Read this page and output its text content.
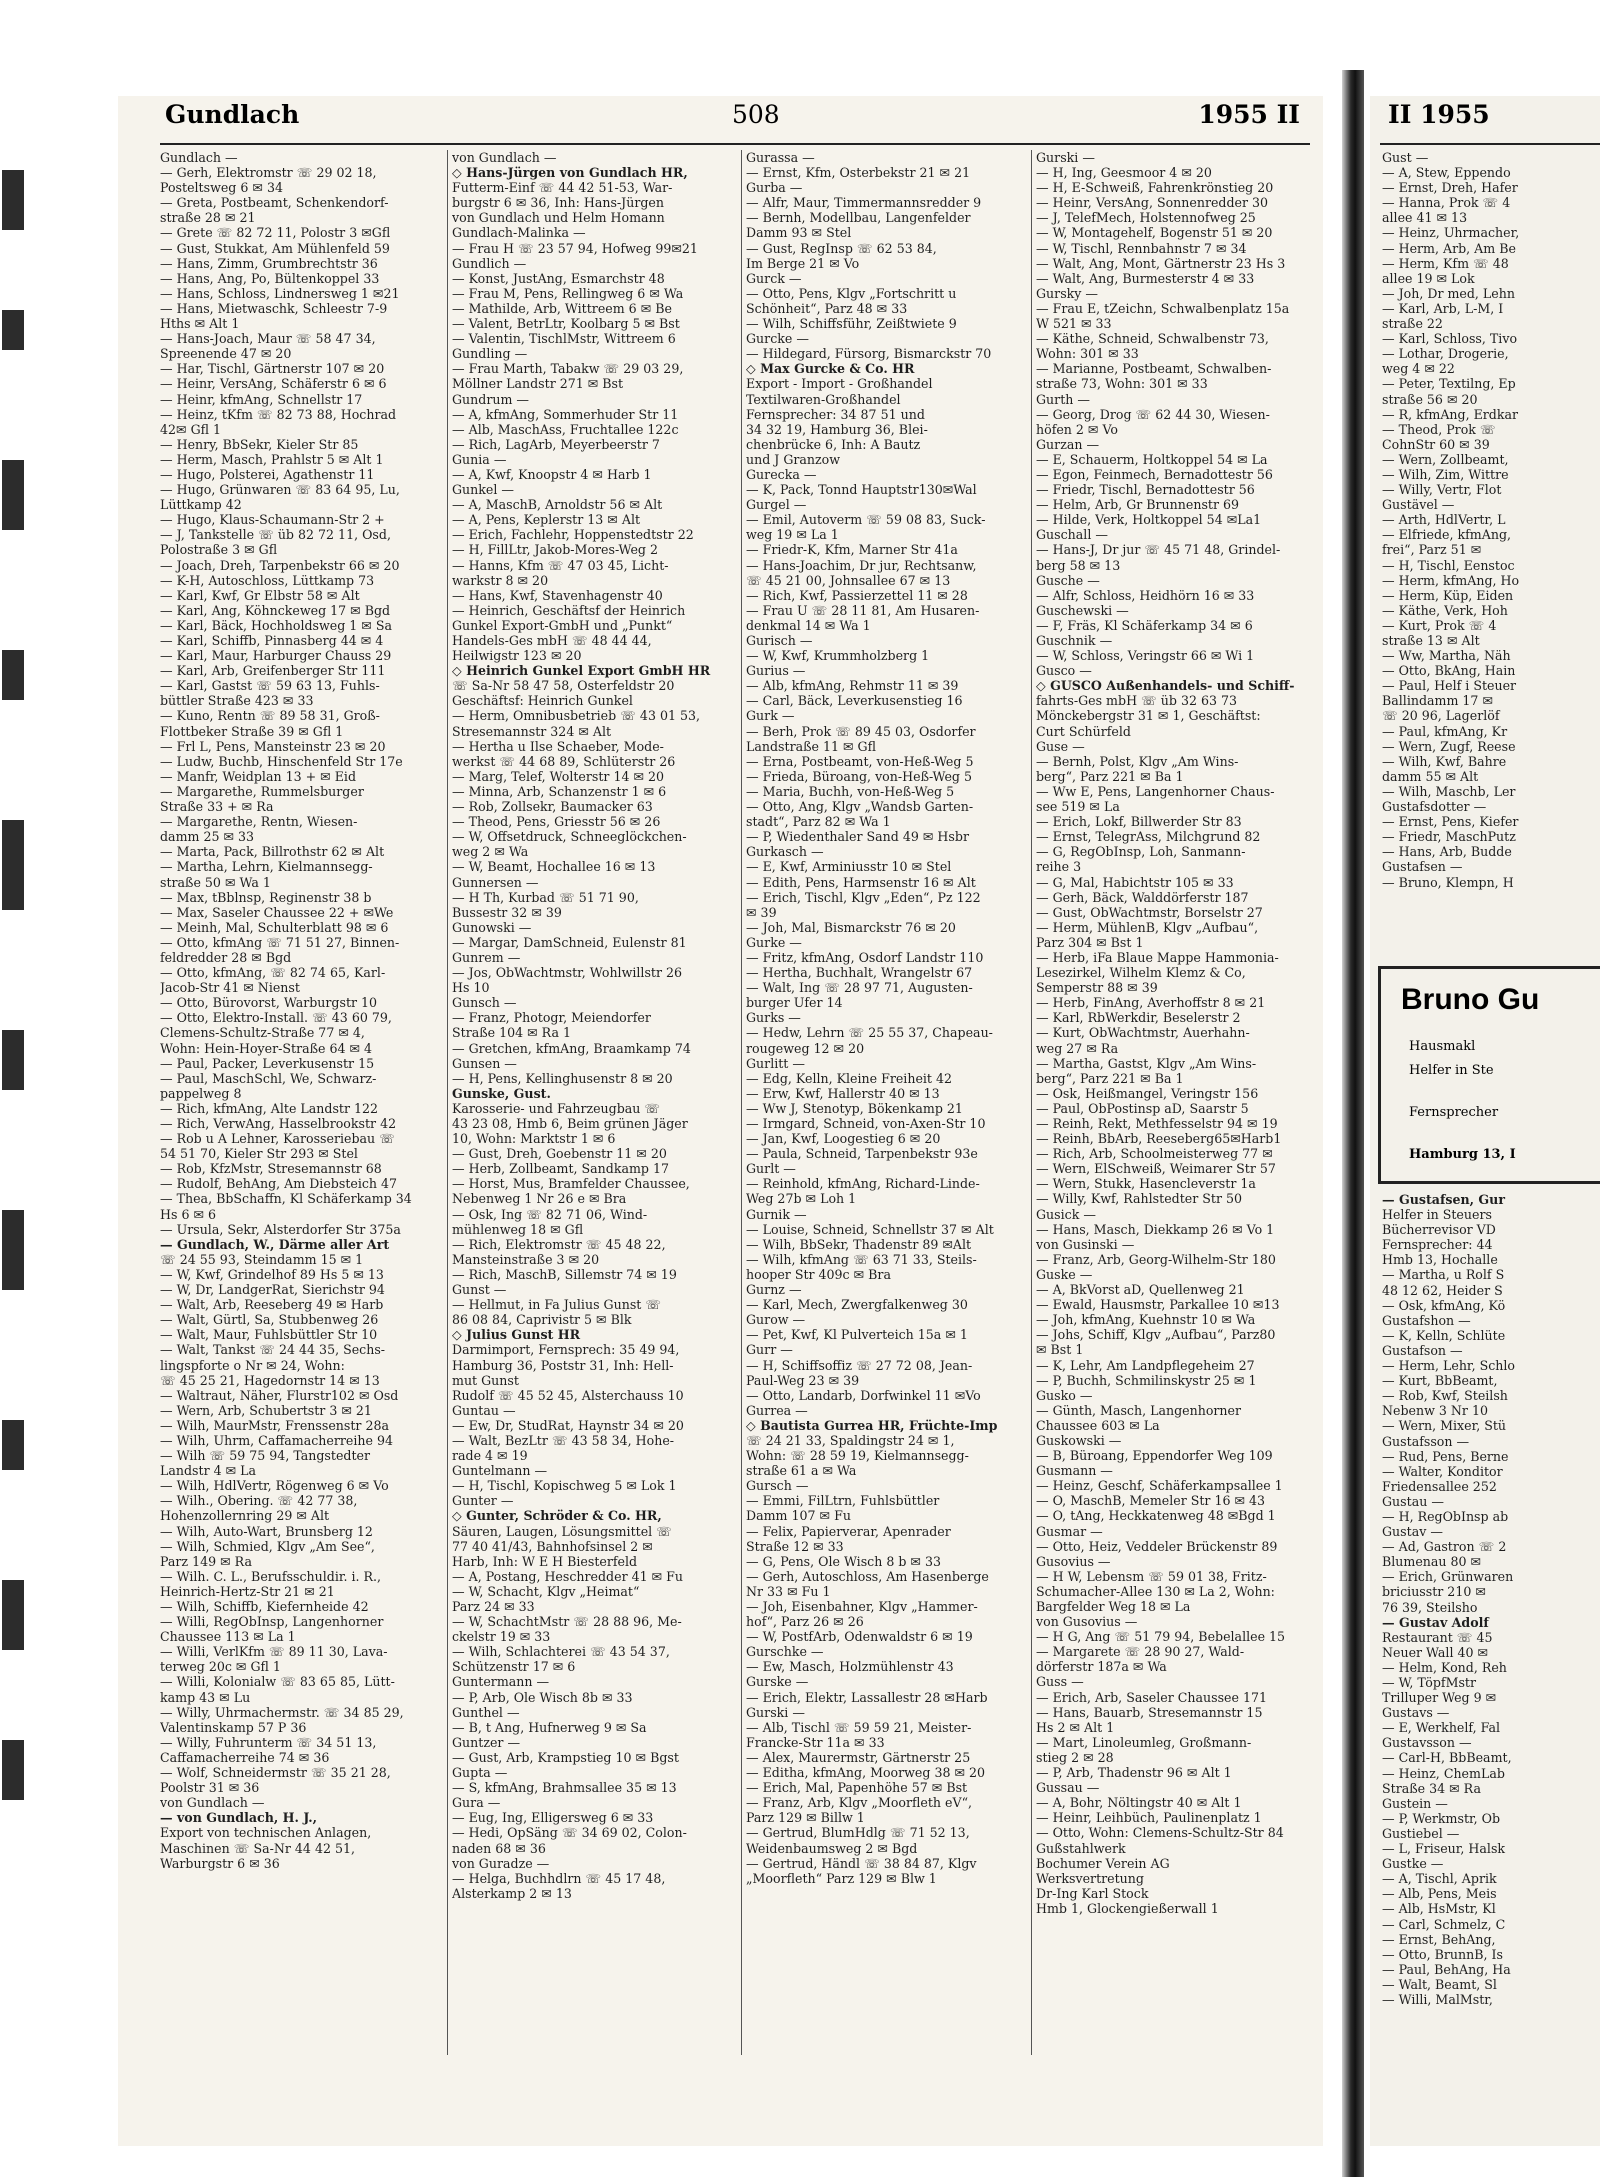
Gundlach	508	1955 II
Gundlach —
— Gerh, Elektromstr ☏ 29 02 18,
Posteltsweg 6 ✉ 34
— Greta, Postbeamt, Schenkendorf-
straße 28 ✉ 21
— Grete ☏ 82 72 11, Polostr 3 ✉Gfl
— Gust, Stukkat, Am Mühlenfeld 59
— Hans, Zimm, Grumbrechtstr 36
— Hans, Ang, Po, Bültenkoppel 33
— Hans, Schloss, Lindnersweg 1 ✉21
— Hans, Mietwaschk, Schleestr 7-9
Hths ✉ Alt 1
— Hans-Joach, Maur ☏ 58 47 34,
Spreenende 47 ✉ 20
— Har, Tischl, Gärtnerstr 107 ✉ 20
— Heinr, VersAng, Schäferstr 6 ✉ 6
— Heinr, kfmAng, Schnellstr 17
— Heinz, tKfm ☏ 82 73 88, Hochrad
42✉ Gfl 1
— Henry, BbSekr, Kieler Str 85
— Herm, Masch, Prahlstr 5 ✉ Alt 1
— Hugo, Polsterei, Agathenstr 11
— Hugo, Grünwaren ☏ 83 64 95, Lu,
Lüttkamp 42
— Hugo, Klaus-Schaumann-Str 2 +
— J, Tankstelle ☏ üb 82 72 11, Osd,
Polostraße 3 ✉ Gfl
— Joach, Dreh, Tarpenbekstr 66 ✉ 20
— K-H, Autoschloss, Lüttkamp 73
— Karl, Kwf, Gr Elbstr 58 ✉ Alt
— Karl, Ang, Köhnckeweg 17 ✉ Bgd
— Karl, Bäck, Hochholdsweg 1 ✉ Sa
— Karl, Schiffb, Pinnasberg 44 ✉ 4
— Karl, Maur, Harburger Chauss 29
— Karl, Arb, Greifenberger Str 111
— Karl, Gastst ☏ 59 63 13, Fuhls-
büttler Straße 423 ✉ 33
— Kuno, Rentn ☏ 89 58 31, Groß-
Flottbeker Straße 39 ✉ Gfl 1
— Frl L, Pens, Mansteinstr 23 ✉ 20
— Ludw, Buchb, Hinschenfeld Str 17e
— Manfr, Weidplan 13 + ✉ Eid
— Margarethe, Rummelsburger
Straße 33 + ✉ Ra
— Margarethe, Rentn, Wiesen-
damm 25 ✉ 33
— Marta, Pack, Billrothstr 62 ✉ Alt
— Martha, Lehrn, Kielmannsegg-
straße 50 ✉ Wa 1
— Max, tBblnsp, Reginenstr 38 b
— Max, Saseler Chaussee 22 + ✉We
— Meinh, Mal, Schulterblatt 98 ✉ 6
— Otto, kfmAng ☏ 71 51 27, Binnen-
feldredder 28 ✉ Bgd
— Otto, kfmAng, ☏ 82 74 65, Karl-
Jacob-Str 41 ✉ Nienst
— Otto, Bürovorst, Warburgstr 10
— Otto, Elektro-Install. ☏ 43 60 79,
Clemens-Schultz-Straße 77 ✉ 4,
Wohn: Hein-Hoyer-Straße 64 ✉ 4
— Paul, Packer, Leverkusenstr 15
— Paul, MaschSchl, We, Schwarz-
pappelweg 8
— Rich, kfmAng, Alte Landstr 122
— Rich, VerwAng, Hasselbrookstr 42
— Rob u A Lehner, Karosseriebau ☏
54 51 70, Kieler Str 293 ✉ Stel
— Rob, KfzMstr, Stresemannstr 68
— Rudolf, BehAng, Am Diebsteich 47
— Thea, BbSchaffn, Kl Schäferkamp 34
Hs 6 ✉ 6
— Ursula, Sekr, Alsterdorfer Str 375a
— Gundlach, W., Därme aller Art
☏ 24 55 93, Steindamm 15 ✉ 1
— W, Kwf, Grindelhof 89 Hs 5 ✉ 13
— W, Dr, LandgerRat, Sierichstr 94
— Walt, Arb, Reeseberg 49 ✉ Harb
— Walt, Gürtl, Sa, Stubbenweg 26
— Walt, Maur, Fuhlsbüttler Str 10
— Walt, Tankst ☏ 24 44 35, Sechs-
lingspforte o Nr ✉ 24, Wohn:
☏ 45 25 21, Hagedornstr 14 ✉ 13
— Waltraut, Näher, Flurstr102 ✉ Osd
— Wern, Arb, Schubertstr 3 ✉ 21
— Wilh, MaurMstr, Frenssenstr 28a
— Wilh, Uhrm, Caffamacherreihe 94
— Wilh ☏ 59 75 94, Tangstedter
Landstr 4 ✉ La
— Wilh, HdlVertr, Rögenweg 6 ✉ Vo
— Wilh., Obering. ☏ 42 77 38,
Hohenzollernring 29 ✉ Alt
— Wilh, Auto-Wart, Brunsberg 12
— Wilh, Schmied, Klgv „Am See“,
Parz 149 ✉ Ra
— Wilh. C. L., Berufsschuldir. i. R.,
Heinrich-Hertz-Str 21 ✉ 21
— Wilh, Schiffb, Kiefernheide 42
— Willi, RegObInsp, Langenhorner
Chaussee 113 ✉ La 1
— Willi, VerlKfm ☏ 89 11 30, Lava-
terweg 20c ✉ Gfl 1
— Willi, Kolonialw ☏ 83 65 85, Lütt-
kamp 43 ✉ Lu
— Willy, Uhrmachermstr. ☏ 34 85 29,
Valentinskamp 57 P 36
— Willy, Fuhrunterm ☏ 34 51 13,
Caffamacherreihe 74 ✉ 36
— Wolf, Schneidermstr ☏ 35 21 28,
Poolstr 31 ✉ 36
von Gundlach —
— von Gundlach, H. J.,
Export von technischen Anlagen,
Maschinen ☏ Sa-Nr 44 42 51,
Warburgstr 6 ✉ 36
von Gundlach —
◇ Hans-Jürgen von Gundlach HR,
Futterm-Einf ☏ 44 42 51-53, War-
burgstr 6 ✉ 36, Inh: Hans-Jürgen
von Gundlach und Helm Homann
Gundlach-Malinka —
— Frau H ☏ 23 57 94, Hofweg 99✉21
Gundlich —
— Konst, JustAng, Esmarchstr 48
— Frau M, Pens, Rellingweg 6 ✉ Wa
— Mathilde, Arb, Wittreem 6 ✉ Be
— Valent, BetrLtr, Koolbarg 5 ✉ Bst
— Valentin, TischlMstr, Wittreem 6
Gundling —
— Frau Marth, Tabakw ☏ 29 03 29,
Möllner Landstr 271 ✉ Bst
Gundrum —
— A, kfmAng, Sommerhuder Str 11
— Alb, MaschAss, Fruchtallee 122c
— Rich, LagArb, Meyerbeerstr 7
Gunia —
— A, Kwf, Knoopstr 4 ✉ Harb 1
Gunkel —
— A, MaschB, Arnoldstr 56 ✉ Alt
— A, Pens, Keplerstr 13 ✉ Alt
— Erich, Fachlehr, Hoppenstedtstr 22
— H, FillLtr, Jakob-Mores-Weg 2
— Hanns, Kfm ☏ 47 03 45, Licht-
warkstr 8 ✉ 20
— Hans, Kwf, Stavenhagenstr 40
— Heinrich, Geschäftsf der Heinrich
Gunkel Export-GmbH und „Punkt“
Handels-Ges mbH ☏ 48 44 44,
Heilwigstr 123 ✉ 20
◇ Heinrich Gunkel Export GmbH HR
☏ Sa-Nr 58 47 58, Osterfeldstr 20
Geschäftsf: Heinrich Gunkel
— Herm, Omnibusbetrieb ☏ 43 01 53,
Stresemannstr 324 ✉ Alt
— Hertha u Ilse Schaeber, Mode-
werkst ☏ 44 68 89, Schlüterstr 26
— Marg, Telef, Wolterstr 14 ✉ 20
— Minna, Arb, Schanzenstr 1 ✉ 6
— Rob, Zollsekr, Baumacker 63
— Theod, Pens, Griesstr 56 ✉ 26
— W, Offsetdruck, Schneeglöckchen-
weg 2 ✉ Wa
— W, Beamt, Hochallee 16 ✉ 13
Gunnersen —
— H Th, Kurbad ☏ 51 71 90,
Bussestr 32 ✉ 39
Gunowski —
— Margar, DamSchneid, Eulenstr 81
Gunrem —
— Jos, ObWachtmstr, Wohlwillstr 26
Hs 10
Gunsch —
— Franz, Photogr, Meiendorfer
Straße 104 ✉ Ra 1
— Gretchen, kfmAng, Braamkamp 74
Gunsen —
— H, Pens, Kellinghusenstr 8 ✉ 20
Gunske, Gust.
Karosserie- und Fahrzeugbau ☏
43 23 08, Hmb 6, Beim grünen Jäger
10, Wohn: Marktstr 1 ✉ 6
— Gust, Dreh, Goebenstr 11 ✉ 20
— Herb, Zollbeamt, Sandkamp 17
— Horst, Mus, Bramfelder Chaussee,
Nebenweg 1 Nr 26 e ✉ Bra
— Osk, Ing ☏ 82 71 06, Wind-
mühlenweg 18 ✉ Gfl
— Rich, Elektromstr ☏ 45 48 22,
Mansteinstraße 3 ✉ 20
— Rich, MaschB, Sillemstr 74 ✉ 19
Gunst —
— Hellmut, in Fa Julius Gunst ☏
86 08 84, Caprivistr 5 ✉ Blk
◇ Julius Gunst HR
Darmimport, Fernsprech: 35 49 94,
Hamburg 36, Poststr 31, Inh: Hell-
mut Gunst
Rudolf ☏ 45 52 45, Alsterchauss 10
Guntau —
— Ew, Dr, StudRat, Haynstr 34 ✉ 20
— Walt, BezLtr ☏ 43 58 34, Hohe-
rade 4 ✉ 19
Guntelmann —
— H, Tischl, Kopischweg 5 ✉ Lok 1
Gunter —
◇ Gunter, Schröder & Co. HR,
Säuren, Laugen, Lösungsmittel ☏
77 40 41/43, Bahnhofsinsel 2 ✉
Harb, Inh: W E H Biesterfeld
— A, Postang, Heschredder 41 ✉ Fu
— W, Schacht, Klgv „Heimat“
Parz 24 ✉ 33
— W, SchachtMstr ☏ 28 88 96, Me-
ckelstr 19 ✉ 33
— Wilh, Schlachterei ☏ 43 54 37,
Schützenstr 17 ✉ 6
Guntermann —
— P, Arb, Ole Wisch 8b ✉ 33
Gunthel —
— B, t Ang, Hufnerweg 9 ✉ Sa
Guntzer —
— Gust, Arb, Krampstieg 10 ✉ Bgst
Gupta —
— S, kfmAng, Brahmsallee 35 ✉ 13
Gura —
— Eug, Ing, Elligersweg 6 ✉ 33
— Hedi, OpSäng ☏ 34 69 02, Colon-
naden 68 ✉ 36
von Guradze —
— Helga, Buchhdlrn ☏ 45 17 48,
Alsterkamp 2 ✉ 13
Gurassa —
— Ernst, Kfm, Osterbekstr 21 ✉ 21
Gurba —
— Alfr, Maur, Timmermannsredder 9
— Bernh, Modellbau, Langenfelder
Damm 93 ✉ Stel
— Gust, RegInsp ☏ 62 53 84,
Im Berge 21 ✉ Vo
Gurck —
— Otto, Pens, Klgv „Fortschritt u
Schönheit“, Parz 48 ✉ 33
— Wilh, Schiffsführ, Zeißtwiete 9
Gurcke —
— Hildegard, Fürsorg, Bismarckstr 70
◇ Max Gurcke & Co. HR
Export - Import - Großhandel
Textilwaren-Großhandel
Fernsprecher: 34 87 51 und
34 32 19, Hamburg 36, Blei-
chenbrücke 6, Inh: A Bautz
und J Granzow
Gurecka —
— K, Pack, Tonnd Hauptstr130✉Wal
Gurgel —
— Emil, Autoverm ☏ 59 08 83, Suck-
weg 19 ✉ La 1
— Friedr-K, Kfm, Marner Str 41a
— Hans-Joachim, Dr jur, Rechtsanw,
☏ 45 21 00, Johnsallee 67 ✉ 13
— Rich, Kwf, Passierzettel 11 ✉ 28
— Frau U ☏ 28 11 81, Am Husaren-
denkmal 14 ✉ Wa 1
Gurisch —
— W, Kwf, Krummholzberg 1
Gurius —
— Alb, kfmAng, Rehmstr 11 ✉ 39
— Carl, Bäck, Leverkusenstieg 16
Gurk —
— Berh, Prok ☏ 89 45 03, Osdorfer
Landstraße 11 ✉ Gfl
— Erna, Postbeamt, von-Heß-Weg 5
— Frieda, Büroang, von-Heß-Weg 5
— Maria, Buchh, von-Heß-Weg 5
— Otto, Ang, Klgv „Wandsb Garten-
stadt“, Parz 82 ✉ Wa 1
— P, Wiedenthaler Sand 49 ✉ Hsbr
Gurkasch —
— E, Kwf, Arminiusstr 10 ✉ Stel
— Edith, Pens, Harmsenstr 16 ✉ Alt
— Erich, Tischl, Klgv „Eden“, Pz 122
✉ 39
— Joh, Mal, Bismarckstr 76 ✉ 20
Gurke —
— Fritz, kfmAng, Osdorf Landstr 110
— Hertha, Buchhalt, Wrangelstr 67
— Walt, Ing ☏ 28 97 71, Augusten-
burger Ufer 14
Gurks —
— Hedw, Lehrn ☏ 25 55 37, Chapeau-
rougeweg 12 ✉ 20
Gurlitt —
— Edg, Kelln, Kleine Freiheit 42
— Erw, Kwf, Hallerstr 40 ✉ 13
— Ww J, Stenotyp, Bökenkamp 21
— Irmgard, Schneid, von-Axen-Str 10
— Jan, Kwf, Loogestieg 6 ✉ 20
— Paula, Schneid, Tarpenbekstr 93e
Gurlt —
— Reinhold, kfmAng, Richard-Linde-
Weg 27b ✉ Loh 1
Gurnik —
— Louise, Schneid, Schnellstr 37 ✉ Alt
— Wilh, BbSekr, Thadenstr 89 ✉Alt
— Wilh, kfmAng ☏ 63 71 33, Steils-
hooper Str 409c ✉ Bra
Gurnz —
— Karl, Mech, Zwergfalkenweg 30
Gurow —
— Pet, Kwf, Kl Pulverteich 15a ✉ 1
Gurr —
— H, Schiffsoffiz ☏ 27 72 08, Jean-
Paul-Weg 23 ✉ 39
— Otto, Landarb, Dorfwinkel 11 ✉Vo
Gurrea —
◇ Bautista Gurrea HR, Früchte-Imp
☏ 24 21 33, Spaldingstr 24 ✉ 1,
Wohn: ☏ 28 59 19, Kielmannsegg-
straße 61 a ✉ Wa
Gursch —
— Emmi, FilLtrn, Fuhlsbüttler
Damm 107 ✉ Fu
— Felix, Papierverar, Apenrader
Straße 12 ✉ 33
— G, Pens, Ole Wisch 8 b ✉ 33
— Gerh, Autoschloss, Am Hasenberge
Nr 33 ✉ Fu 1
— Joh, Eisenbahner, Klgv „Hammer-
hof“, Parz 26 ✉ 26
— W, PostfArb, Odenwaldstr 6 ✉ 19
Gurschke —
— Ew, Masch, Holzmühlenstr 43
Gurske —
— Erich, Elektr, Lassallestr 28 ✉Harb
Gurski —
— Alb, Tischl ☏ 59 59 21, Meister-
Francke-Str 11a ✉ 33
— Alex, Maurermstr, Gärtnerstr 25
— Editha, kfmAng, Moorweg 38 ✉ 20
— Erich, Mal, Papenhöhe 57 ✉ Bst
— Franz, Arb, Klgv „Moorfleth eV“,
Parz 129 ✉ Billw 1
— Gertrud, BlumHdlg ☏ 71 52 13,
Weidenbaumsweg 2 ✉ Bgd
— Gertrud, Händl ☏ 38 84 87, Klgv
„Moorfleth“ Parz 129 ✉ Blw 1
Gurski —
— H, Ing, Geesmoor 4 ✉ 20
— H, E-Schweiß, Fahrenkrönstieg 20
— Heinr, VersAng, Sonnenredder 30
— J, TelefMech, Holstennofweg 25
— W, Montagehelf, Bogenstr 51 ✉ 20
— W, Tischl, Rennbahnstr 7 ✉ 34
— Walt, Ang, Mont, Gärtnerstr 23 Hs 3
— Walt, Ang, Burmesterstr 4 ✉ 33
Gursky —
— Frau E, tZeichn, Schwalbenplatz 15a
W 521 ✉ 33
— Käthe, Schneid, Schwalbenstr 73,
Wohn: 301 ✉ 33
— Marianne, Postbeamt, Schwalben-
straße 73, Wohn: 301 ✉ 33
Gurth —
— Georg, Drog ☏ 62 44 30, Wiesen-
höfen 2 ✉ Vo
Gurzan —
— E, Schauerm, Holtkoppel 54 ✉ La
— Egon, Feinmech, Bernadottestr 56
— Friedr, Tischl, Bernadottestr 56
— Helm, Arb, Gr Brunnenstr 69
— Hilde, Verk, Holtkoppel 54 ✉La1
Guschall —
— Hans-J, Dr jur ☏ 45 71 48, Grindel-
berg 58 ✉ 13
Gusche —
— Alfr, Schloss, Heidhörn 16 ✉ 33
Guschewski —
— F, Fräs, Kl Schäferkamp 34 ✉ 6
Guschnik —
— W, Schloss, Veringstr 66 ✉ Wi 1
Gusco —
◇ GUSCO Außenhandels- und Schiff-
fahrts-Ges mbH ☏ üb 32 63 73
Mönckebergstr 31 ✉ 1, Geschäftst:
Curt Schürfeld
Guse —
— Bernh, Polst, Klgv „Am Wins-
berg“, Parz 221 ✉ Ba 1
— Ww E, Pens, Langenhorner Chaus-
see 519 ✉ La
— Erich, Lokf, Billwerder Str 83
— Ernst, TelegrAss, Milchgrund 82
— G, RegObInsp, Loh, Sanmann-
reihe 3
— G, Mal, Habichtstr 105 ✉ 33
— Gerh, Bäck, Walddörferstr 187
— Gust, ObWachtmstr, Borselstr 27
— Herm, MühlenB, Klgv „Aufbau“,
Parz 304 ✉ Bst 1
— Herb, iFa Blaue Mappe Hammonia-
Lesezirkel, Wilhelm Klemz & Co,
Semperstr 88 ✉ 39
— Herb, FinAng, Averhoffstr 8 ✉ 21
— Karl, RbWerkdir, Beselerstr 2
— Kurt, ObWachtmstr, Auerhahn-
weg 27 ✉ Ra
— Martha, Gastst, Klgv „Am Wins-
berg“, Parz 221 ✉ Ba 1
— Osk, Heißmangel, Veringstr 156
— Paul, ObPostinsp aD, Saarstr 5
— Reinh, Rekt, Methfesselstr 94 ✉ 19
— Reinh, BbArb, Reeseberg65✉Harb1
— Rich, Arb, Schoolmeisterweg 77 ✉
— Wern, ElSchweiß, Weimarer Str 57
— Wern, Stukk, Hasencleverstr 1a
— Willy, Kwf, Rahlstedter Str 50
Gusick —
— Hans, Masch, Diekkamp 26 ✉ Vo 1
von Gusinski —
— Franz, Arb, Georg-Wilhelm-Str 180
Guske —
— A, BkVorst aD, Quellenweg 21
— Ewald, Hausmstr, Parkallee 10 ✉13
— Joh, kfmAng, Kuehnstr 10 ✉ Wa
— Johs, Schiff, Klgv „Aufbau“, Parz80
✉ Bst 1
— K, Lehr, Am Landpflegeheim 27
— P, Buchh, Schmilinskystr 25 ✉ 1
Gusko —
— Günth, Masch, Langenhorner
Chaussee 603 ✉ La
Guskowski —
— B, Büroang, Eppendorfer Weg 109
Gusmann —
— Heinz, Geschf, Schäferkampsallee 1
— O, MaschB, Memeler Str 16 ✉ 43
— O, tAng, Heckkatenweg 48 ✉Bgd 1
Gusmar —
— Otto, Heiz, Veddeler Brückenstr 89
Gusovius —
— H W, Lebensm ☏ 59 01 38, Fritz-
Schumacher-Allee 130 ✉ La 2, Wohn:
Bargfelder Weg 18 ✉ La
von Gusovius —
— H G, Ang ☏ 51 79 94, Bebelallee 15
— Margarete ☏ 28 90 27, Wald-
dörferstr 187a ✉ Wa
Guss —
— Erich, Arb, Saseler Chaussee 171
— Hans, Bauarb, Stresemannstr 15
Hs 2 ✉ Alt 1
— Mart, Linoleumleg, Großmann-
stieg 2 ✉ 28
— P, Arb, Thadenstr 96 ✉ Alt 1
Gussau —
— A, Bohr, Nöltingstr 40 ✉ Alt 1
— Heinr, Leihbüch, Paulinenplatz 1
— Otto, Wohn: Clemens-Schultz-Str 84
Gußstahlwerk
Bochumer Verein AG
Werksvertretung
Dr-Ing Karl Stock
Hmb 1, Glockengießerwall 1
II 1955
Gust —
— A, Stew, Eppendo
— Ernst, Dreh, Hafer
— Hanna, Prok ☏ 4
allee 41 ✉ 13
— Heinz, Uhrmacher,
— Herm, Arb, Am Be
— Herm, Kfm ☏ 48
allee 19 ✉ Lok
— Joh, Dr med, Lehn
— Karl, Arb, L-M, I
straße 22
— Karl, Schloss, Tivo
— Lothar, Drogerie,
weg 4 ✉ 22
— Peter, Textilng, Ep
straße 56 ✉ 20
— R, kfmAng, Erdkar
— Theod, Prok ☏
CohnStr 60 ✉ 39
— Wern, Zollbeamt,
— Wilh, Zim, Wittre
— Willy, Vertr, Flot
Gustävel —
— Arth, HdlVertr, L
— Elfriede, kfmAng,
frei“, Parz 51 ✉
— H, Tischl, Eenstoc
— Herm, kfmAng, Ho
— Herm, Küp, Eiden
— Käthe, Verk, Hoh
— Kurt, Prok ☏ 4
straße 13 ✉ Alt
— Ww, Martha, Näh
— Otto, BkAng, Hain
— Paul, Helf i Steuer
Ballindamm 17 ✉
☏ 20 96, Lagerlöf
— Paul, kfmAng, Kr
— Wern, Zugf, Reese
— Wilh, Kwf, Bahre
damm 55 ✉ Alt
— Wilh, Maschb, Ler
Gustafsdotter —
— Ernst, Pens, Kiefer
— Friedr, MaschPutz
— Hans, Arb, Budde
Gustafsen —
— Bruno, Klempn, H
Bruno Gu
Hausmakl
Helfer in Ste
Fernsprecher
Hamburg 13, I
— Gustafsen, Gur
Helfer in Steuers
Bücherrevisor VD
Fernsprecher: 44
Hmb 13, Hochalle
— Martha, u Rolf S
48 12 62, Heider S
— Osk, kfmAng, Kö
Gustafshon —
— K, Kelln, Schlüte
Gustafson —
— Herm, Lehr, Schlo
— Kurt, BbBeamt,
— Rob, Kwf, Steilsh
Nebenw 3 Nr 10
— Wern, Mixer, Stü
Gustafsson —
— Rud, Pens, Berne
— Walter, Konditor
Friedensallee 252
Gustau —
— H, RegObInsp ab
Gustav —
— Ad, Gastron ☏ 2
Blumenau 80 ✉
— Erich, Grünwaren
briciusstr 210 ✉
76 39, Steilsho
— Gustav Adolf
Restaurant ☏ 45
Neuer Wall 40 ✉
— Helm, Kond, Reh
— W, TöpfMstr
Trilluper Weg 9 ✉
Gustavs —
— E, Werkhelf, Fal
Gustavsson —
— Carl-H, BbBeamt,
— Heinz, ChemLab
Straße 34 ✉ Ra
Gustein —
— P, Werkmstr, Ob
Gustiebel —
— L, Friseur, Halsk
Gustke —
— A, Tischl, Aprik
— Alb, Pens, Meis
— Alb, HsMstr, Kl
— Carl, Schmelz, C
— Ernst, BehAng,
— Otto, BrunnB, Is
— Paul, BehAng, Ha
— Walt, Beamt, Sl
— Willi, MalMstr,
